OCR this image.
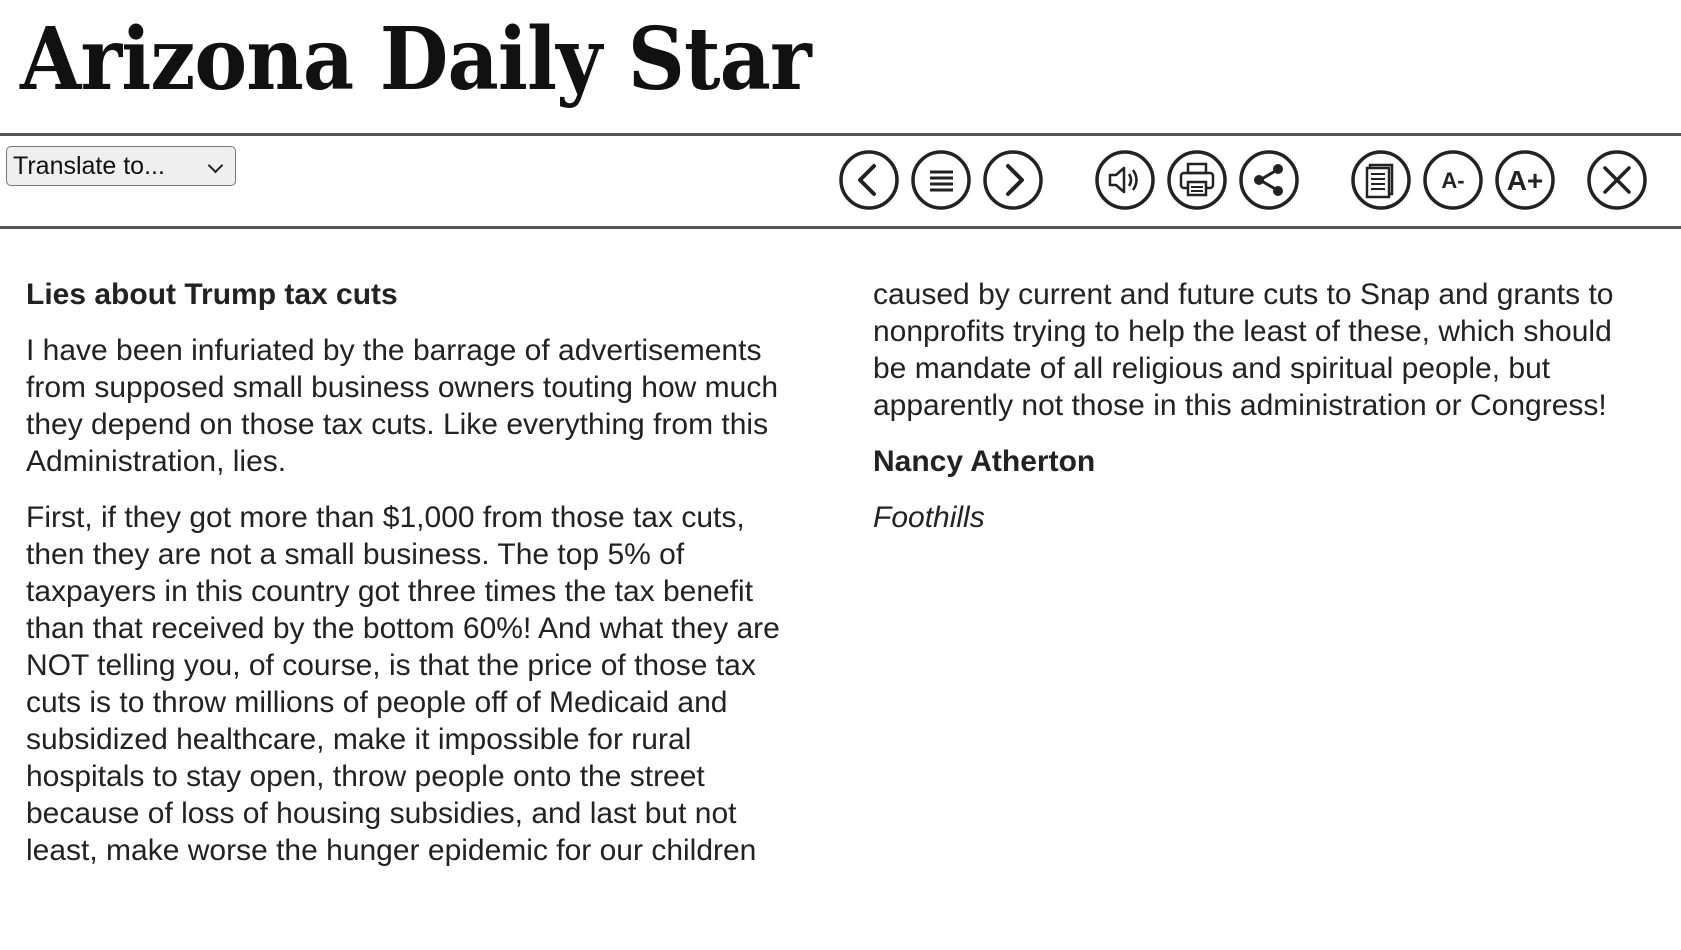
Arizona Daily Star
Translate to...
A- A+
Lies about Trump tax cuts

I have been infuriated by the barrage of advertisements from supposed small business owners touting how much they depend on those tax cuts. Like everything from this Administration, lies.

First, if they got more than $1,000 from those tax cuts, then they are not a small business. The top 5% of taxpayers in this country got three times the tax benefit than that received by the bottom 60%! And what they are NOT telling you, of course, is that the price of those tax cuts is to throw millions of people off of Medicaid and subsidized healthcare, make it impossible for rural hospitals to stay open, throw people onto the street because of loss of housing subsidies, and last but not least, make worse the hunger epidemic for our children

caused by current and future cuts to Snap and grants to nonprofits trying to help the least of these, which should be mandate of all religious and spiritual people, but apparently not those in this administration or Congress!

Nancy Atherton

Foothills
